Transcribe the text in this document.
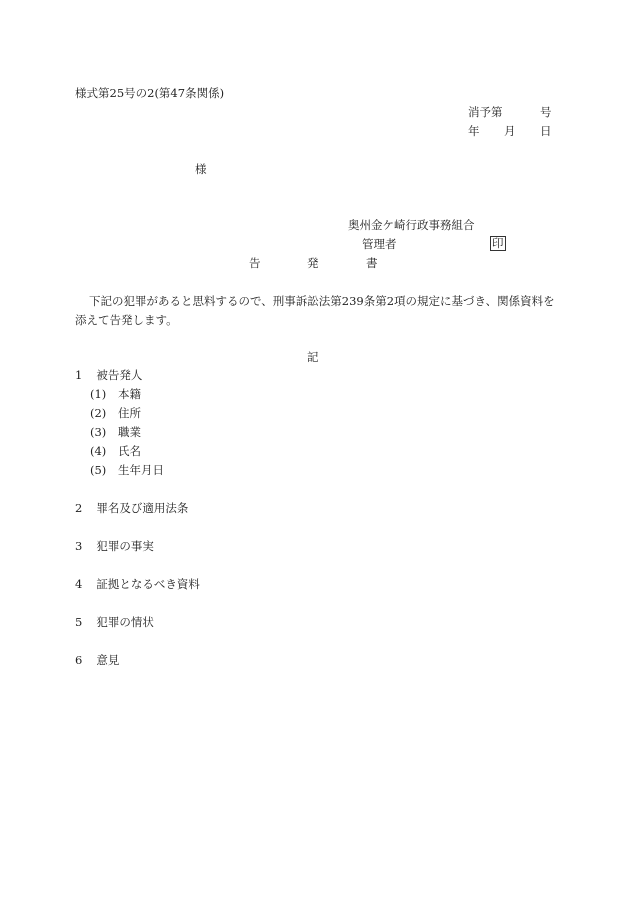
様式第25号の2(第47条関係)
消予第	号
年 月 日
様
奥州金ケ崎行政事務組合
管理者	印
告	発	書
下記の犯罪があると思料するので、刑事訴訟法第239条第2項の規定に基づき、関係資料を添えて告発します。
記
1 被告発人
(1) 本籍
(2) 住所
(3) 職業
(4) 氏名
(5) 生年月日
2 罪名及び適用法条
3 犯罪の事実
4 証拠となるべき資料
5 犯罪の情状
6 意見
